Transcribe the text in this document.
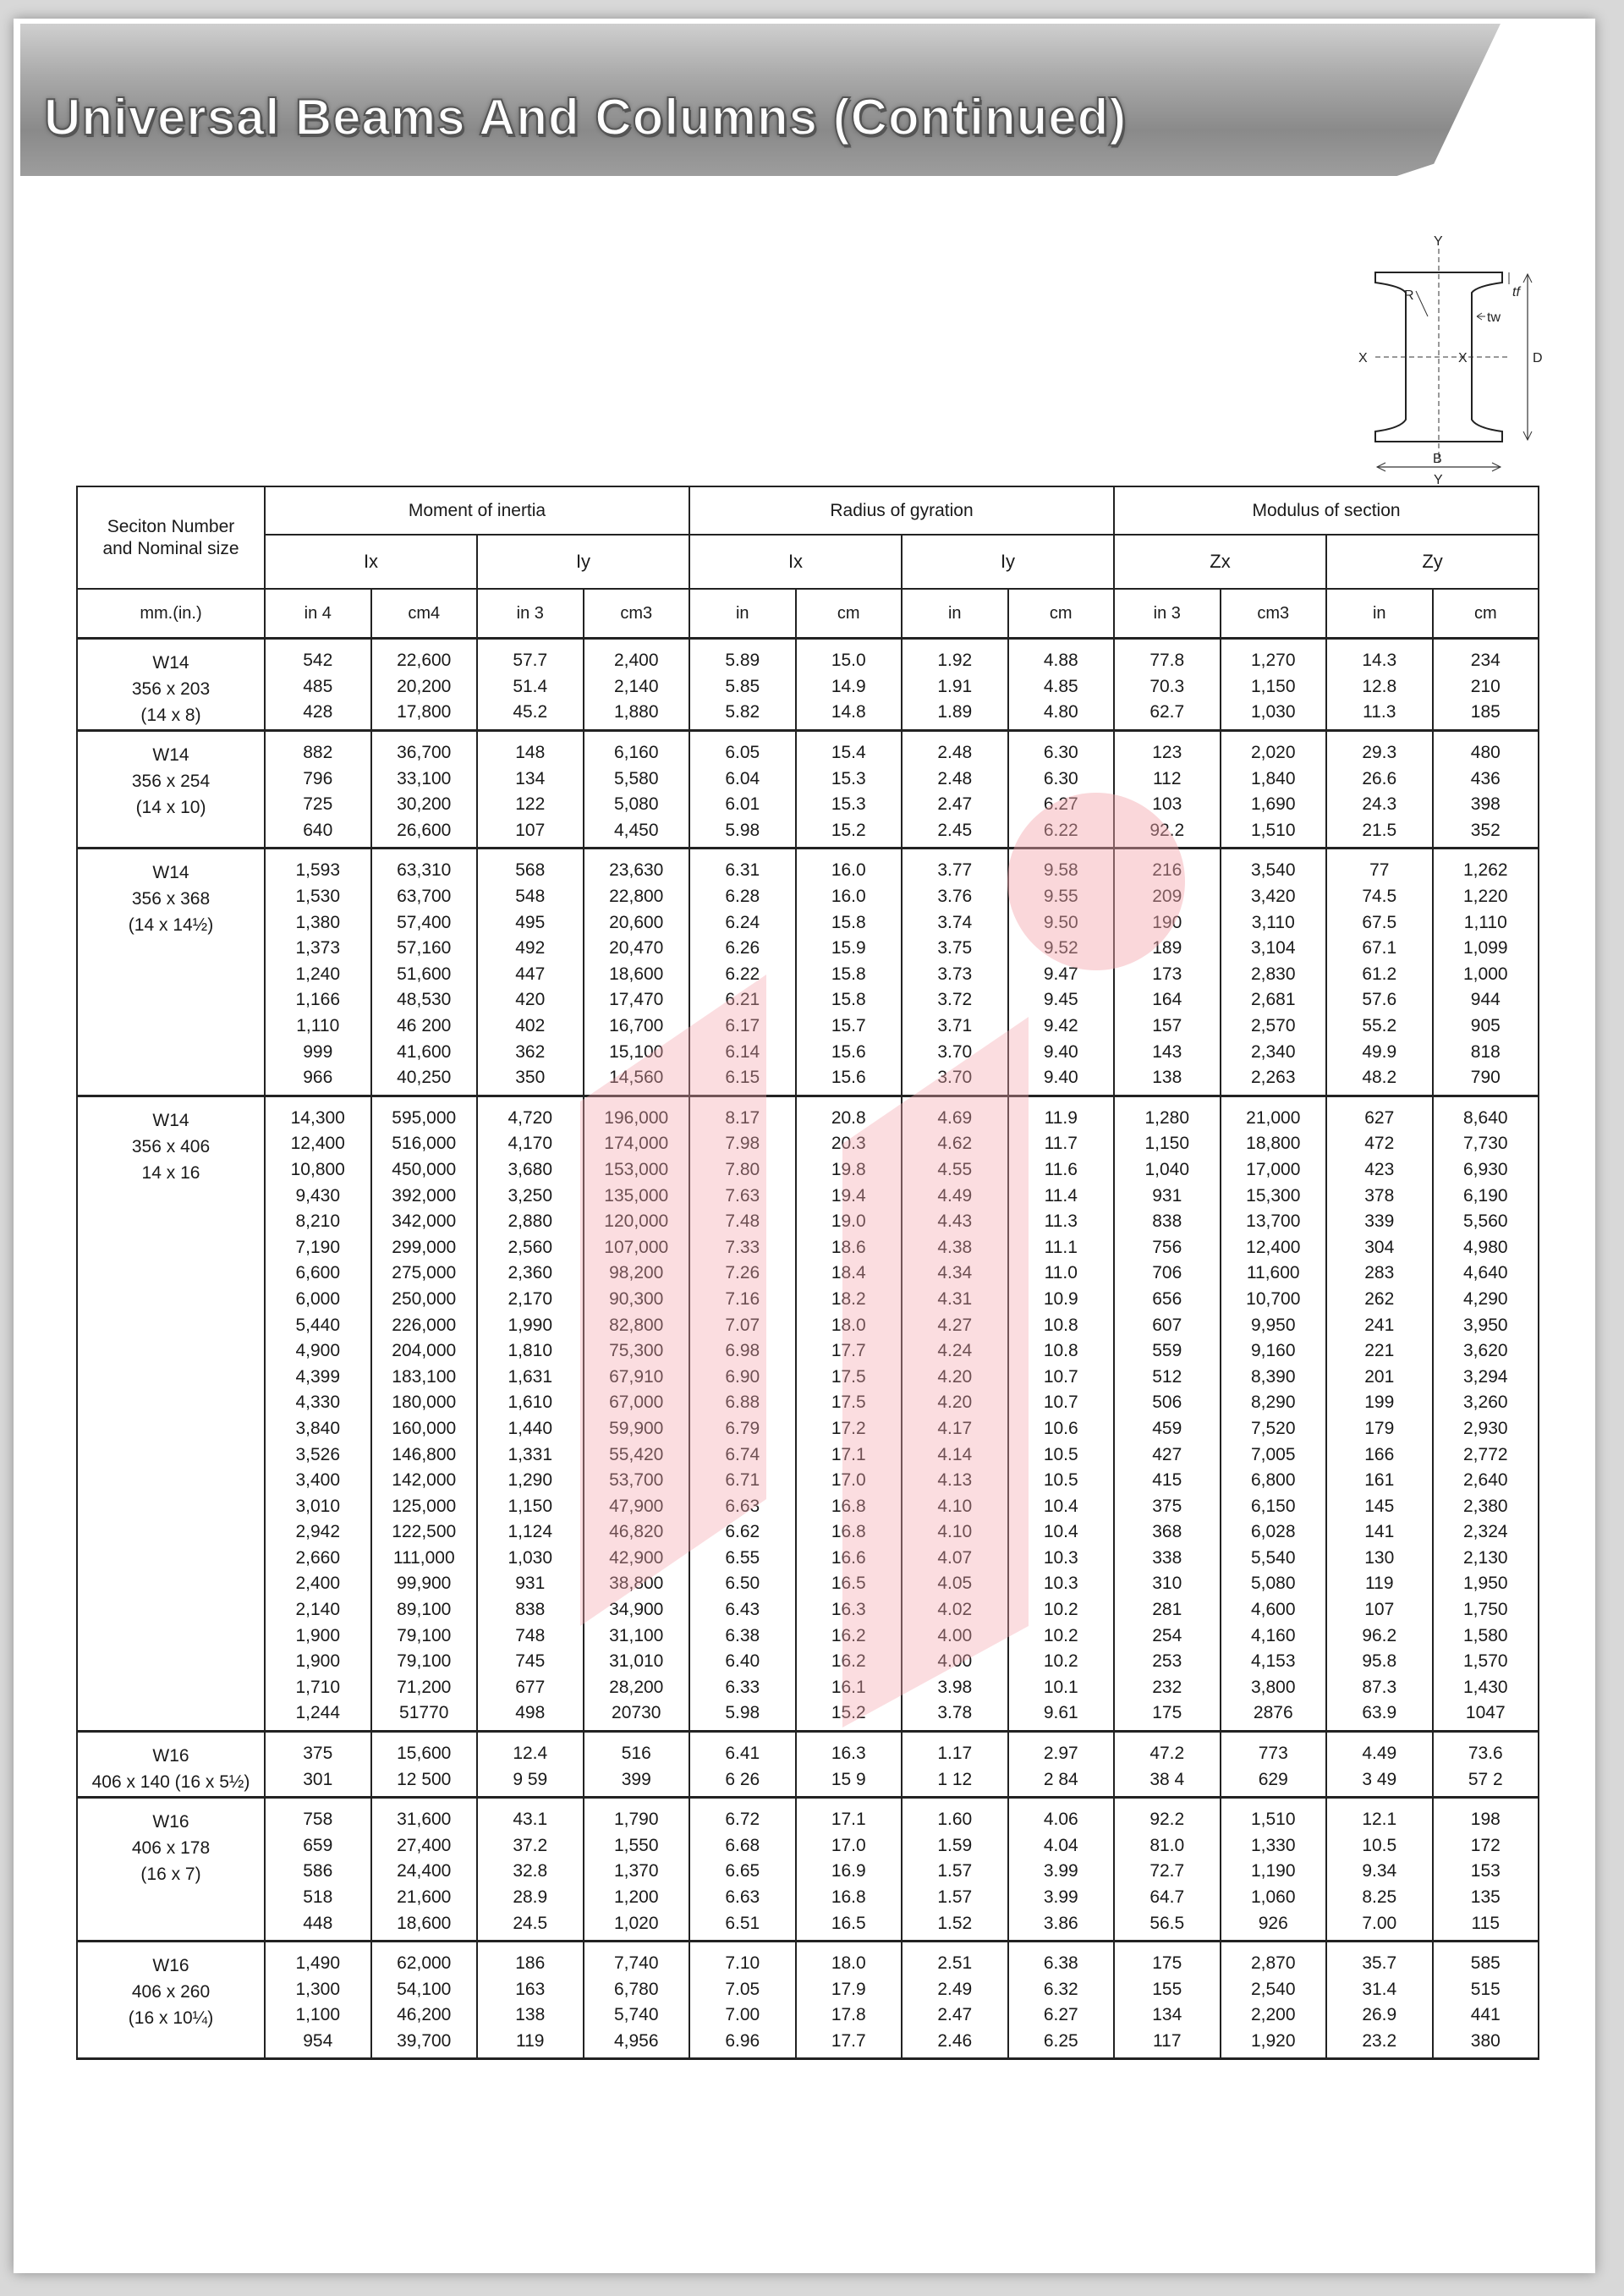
Universal Beams And Columns (Continued)
Y
Y
X	X
R
tw
tf
D
B
Seciton Number and Nominal size	Moment of inertia				Radius of gyration				Modulus of section			
	Ix		Iy		Ix		Iy		Zx		Zy	
mm.(in.)	in 4	cm4	in 3	cm3	in	cm	in	cm	in 3	cm3	in	cm

W14
356 x 203
(14 x 8)	542	22,600	57.7	2,400	5.89	15.0	1.92	4.88	77.8	1,270	14.3	234
	485	20,200	51.4	2,140	5.85	14.9	1.91	4.85	70.3	1,150	12.8	210
	428	17,800	45.2	1,880	5.82	14.8	1.89	4.80	62.7	1,030	11.3	185

W14
356 x 254
(14 x 10)	882	36,700	148	6,160	6.05	15.4	2.48	6.30	123	2,020	29.3	480
	796	33,100	134	5,580	6.04	15.3	2.48	6.30	112	1,840	26.6	436
	725	30,200	122	5,080	6.01	15.3	2.47	6.27	103	1,690	24.3	398
	640	26,600	107	4,450	5.98	15.2	2.45	6.22	92.2	1,510	21.5	352

W14
356 x 368
(14 x 14½)	1,593	63,310	568	23,630	6.31	16.0	3.77	9.58	216	3,540	77	1,262
	1,530	63,700	548	22,800	6.28	16.0	3.76	9.55	209	3,420	74.5	1,220
	1,380	57,400	495	20,600	6.24	15.8	3.74	9.50	190	3,110	67.5	1,110
	1,373	57,160	492	20,470	6.26	15.9	3.75	9.52	189	3,104	67.1	1,099
	1,240	51,600	447	18,600	6.22	15.8	3.73	9.47	173	2,830	61.2	1,000
	1,166	48,530	420	17,470	6.21	15.8	3.72	9.45	164	2,681	57.6	944
	1,110	46 200	402	16,700	6.17	15.7	3.71	9.42	157	2,570	55.2	905
	999	41,600	362	15,100	6.14	15.6	3.70	9.40	143	2,340	49.9	818
	966	40,250	350	14,560	6.15	15.6	3.70	9.40	138	2,263	48.2	790

W14
356 x 406
14 x 16	14,300	595,000	4,720	196,000	8.17	20.8	4.69	11.9	1,280	21,000	627	8,640
	12,400	516,000	4,170	174,000	7.98	20.3	4.62	11.7	1,150	18,800	472	7,730
	10,800	450,000	3,680	153,000	7.80	19.8	4.55	11.6	1,040	17,000	423	6,930
	9,430	392,000	3,250	135,000	7.63	19.4	4.49	11.4	931	15,300	378	6,190
	8,210	342,000	2,880	120,000	7.48	19.0	4.43	11.3	838	13,700	339	5,560
	7,190	299,000	2,560	107,000	7.33	18.6	4.38	11.1	756	12,400	304	4,980
	6,600	275,000	2,360	98,200	7.26	18.4	4.34	11.0	706	11,600	283	4,640
	6,000	250,000	2,170	90,300	7.16	18.2	4.31	10.9	656	10,700	262	4,290
	5,440	226,000	1,990	82,800	7.07	18.0	4.27	10.8	607	9,950	241	3,950
	4,900	204,000	1,810	75,300	6.98	17.7	4.24	10.8	559	9,160	221	3,620
	4,399	183,100	1,631	67,910	6.90	17.5	4.20	10.7	512	8,390	201	3,294
	4,330	180,000	1,610	67,000	6.88	17.5	4.20	10.7	506	8,290	199	3,260
	3,840	160,000	1,440	59,900	6.79	17.2	4.17	10.6	459	7,520	179	2,930
	3,526	146,800	1,331	55,420	6.74	17.1	4.14	10.5	427	7,005	166	2,772
	3,400	142,000	1,290	53,700	6.71	17.0	4.13	10.5	415	6,800	161	2,640
	3,010	125,000	1,150	47,900	6.63	16.8	4.10	10.4	375	6,150	145	2,380
	2,942	122,500	1,124	46,820	6.62	16.8	4.10	10.4	368	6,028	141	2,324
	2,660	111,000	1,030	42,900	6.55	16.6	4.07	10.3	338	5,540	130	2,130
	2,400	99,900	931	38,800	6.50	16.5	4.05	10.3	310	5,080	119	1,950
	2,140	89,100	838	34,900	6.43	16.3	4.02	10.2	281	4,600	107	1,750
	1,900	79,100	748	31,100	6.38	16.2	4.00	10.2	254	4,160	96.2	1,580
	1,900	79,100	745	31,010	6.40	16.2	4.00	10.2	253	4,153	95.8	1,570
	1,710	71,200	677	28,200	6.33	16.1	3.98	10.1	232	3,800	87.3	1,430
	1,244	51770	498	20730	5.98	15.2	3.78	9.61	175	2876	63.9	1047

W16
406 x 140 (16 x 5½)	375	15,600	12.4	516	6.41	16.3	1.17	2.97	47.2	773	4.49	73.6
	301	12 500	9 59	399	6 26	15 9	1 12	2 84	38 4	629	3 49	57 2

W16
406 x 178
(16 x 7)	758	31,600	43.1	1,790	6.72	17.1	1.60	4.06	92.2	1,510	12.1	198
	659	27,400	37.2	1,550	6.68	17.0	1.59	4.04	81.0	1,330	10.5	172
	586	24,400	32.8	1,370	6.65	16.9	1.57	3.99	72.7	1,190	9.34	153
	518	21,600	28.9	1,200	6.63	16.8	1.57	3.99	64.7	1,060	8.25	135
	448	18,600	24.5	1,020	6.51	16.5	1.52	3.86	56.5	926	7.00	115

W16
406 x 260
(16 x 10¼)	1,490	62,000	186	7,740	7.10	18.0	2.51	6.38	175	2,870	35.7	585
	1,300	54,100	163	6,780	7.05	17.9	2.49	6.32	155	2,540	31.4	515
	1,100	46,200	138	5,740	7.00	17.8	2.47	6.27	134	2,200	26.9	441
	954	39,700	119	4,956	6.96	17.7	2.46	6.25	117	1,920	23.2	380
